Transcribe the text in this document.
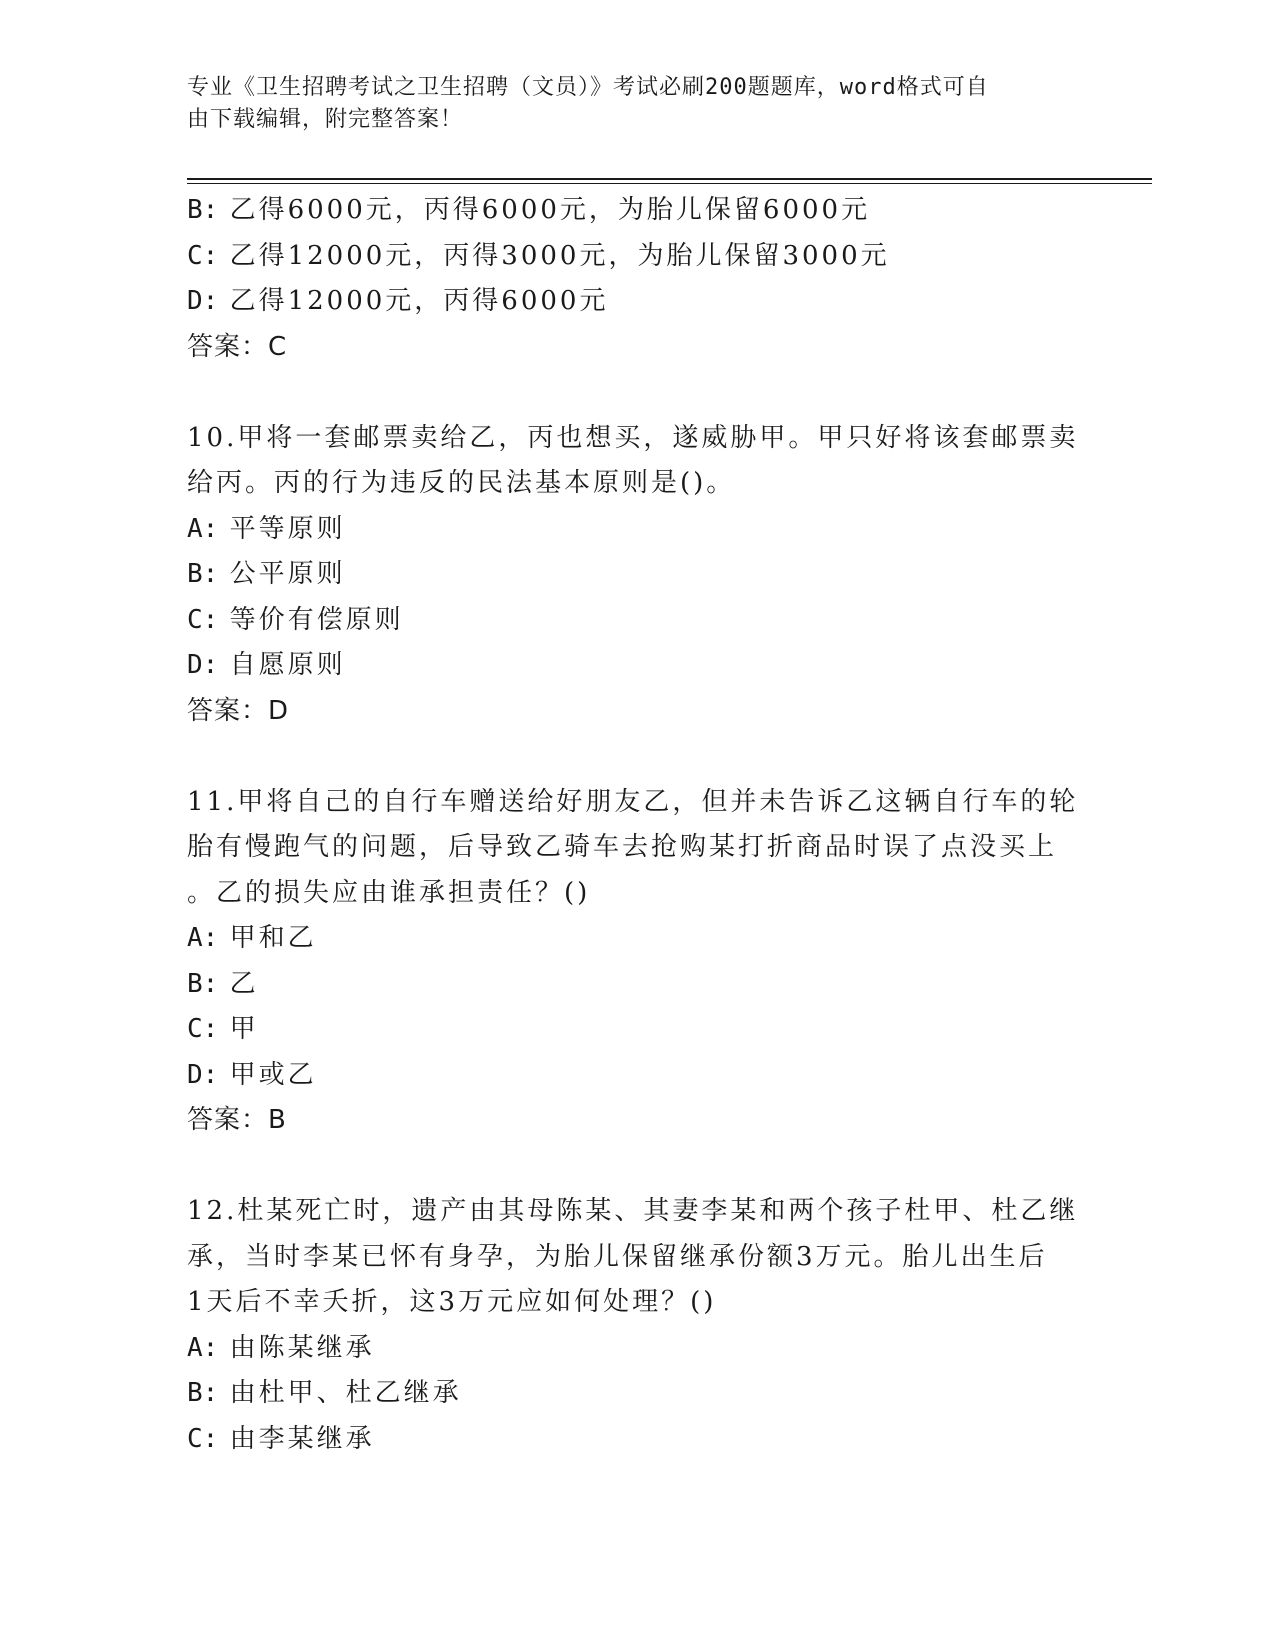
专业《卫生招聘考试之卫生招聘（文员）》考试必刷200题题库，word格式可自
由下载编辑，附完整答案！
B: 乙得6000元，丙得6000元，为胎儿保留6000元
C: 乙得12000元，丙得3000元，为胎儿保留3000元
D: 乙得12000元，丙得6000元
答案：C
10.甲将一套邮票卖给乙，丙也想买，遂威胁甲。甲只好将该套邮票卖
给丙。丙的行为违反的民法基本原则是()。
A: 平等原则
B: 公平原则
C: 等价有偿原则
D: 自愿原则
答案：D
11.甲将自己的自行车赠送给好朋友乙，但并未告诉乙这辆自行车的轮
胎有慢跑气的问题，后导致乙骑车去抢购某打折商品时误了点没买上
。乙的损失应由谁承担责任？()
A: 甲和乙
B: 乙
C: 甲
D: 甲或乙
答案：B
12.杜某死亡时，遗产由其母陈某、其妻李某和两个孩子杜甲、杜乙继
承，当时李某已怀有身孕，为胎儿保留继承份额3万元。胎儿出生后
1天后不幸夭折，这3万元应如何处理？()
A: 由陈某继承
B: 由杜甲、杜乙继承
C: 由李某继承
